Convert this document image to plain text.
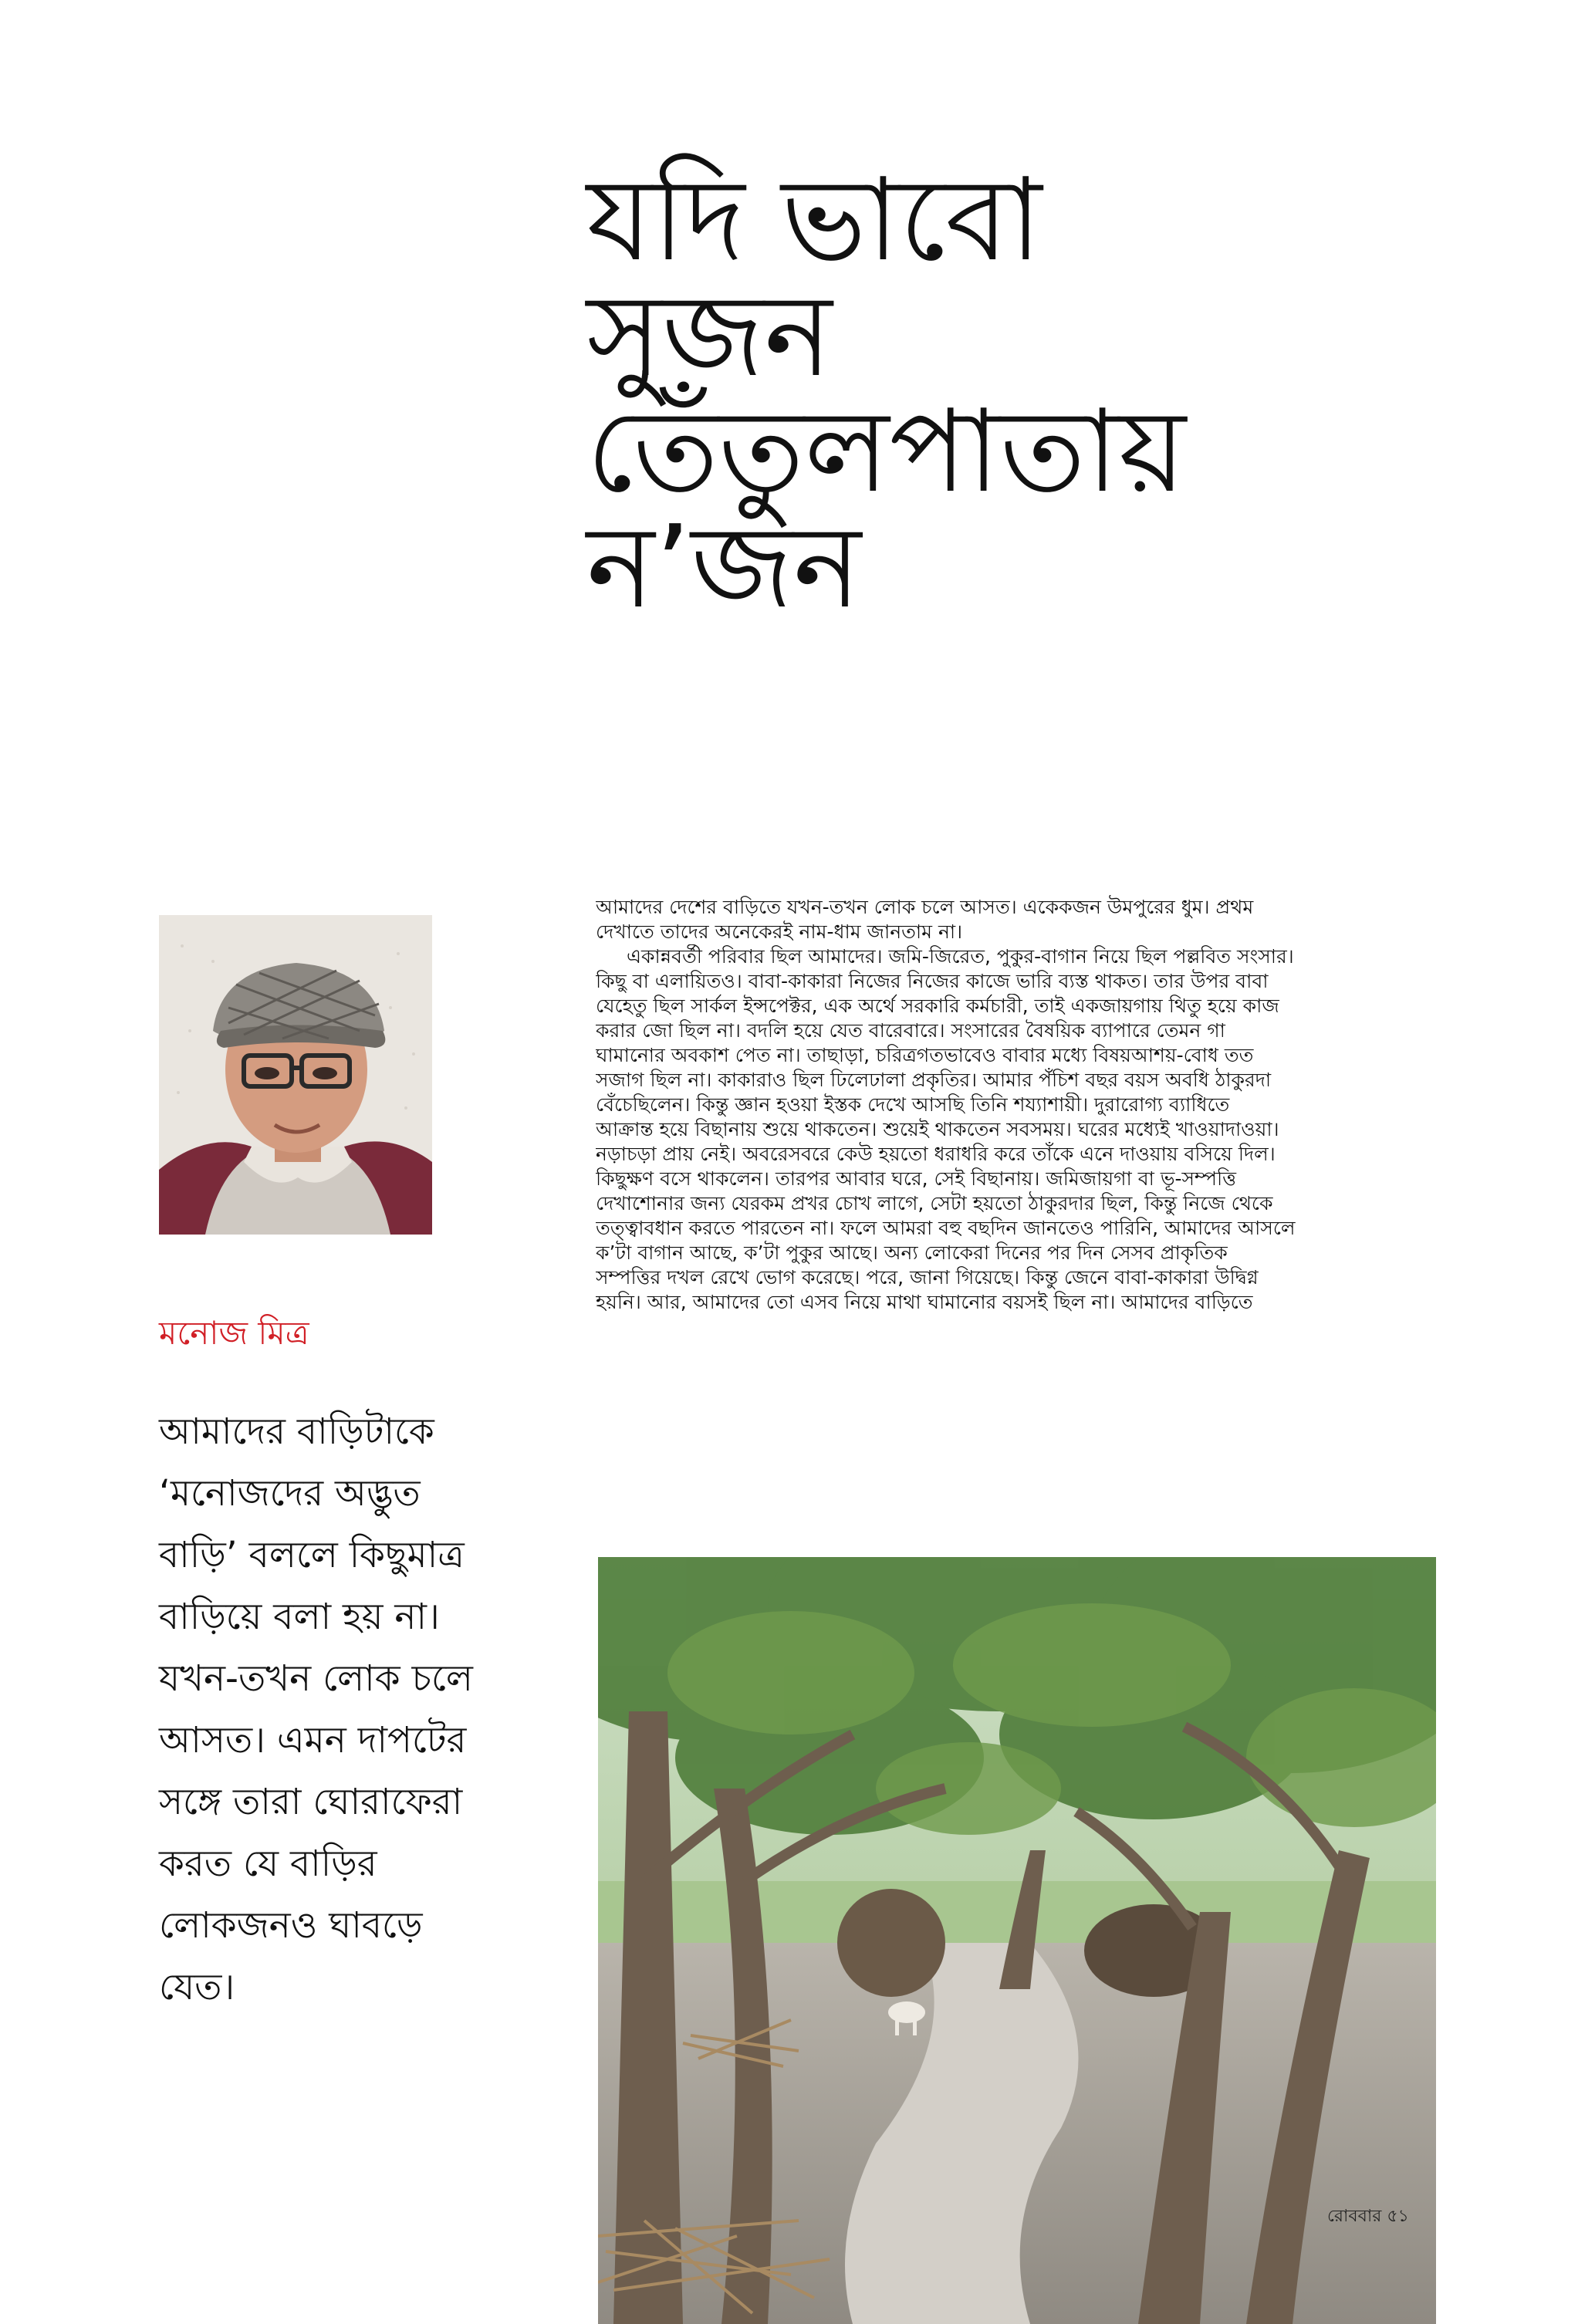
যদি ভাবো
সুজন
তেঁতুলপাতায়
ন’জন

মনোজ মিত্র

আমাদের বাড়িটাকে
‘মনোজদের অদ্ভুত
বাড়ি’ বললে কিছুমাত্র
বাড়িয়ে বলা হয় না।
যখন-তখন লোক চলে
আসত। এমন দাপটের
সঙ্গে তারা ঘোরাফেরা
করত যে বাড়ির
লোকজনও ঘাবড়ে
যেত।
আমাদের দেশের বাড়িতে যখন-তখন লোক চলে আসত। একেকজন উমপুরের ধুম। প্রথম
দেখাতে তাদের অনেকেরই নাম-ধাম জানতাম না।
একান্নবর্তী পরিবার ছিল আমাদের। জমি-জিরেত, পুকুর-বাগান নিয়ে ছিল পল্লবিত সংসার।
কিছু বা এলায়িতও। বাবা-কাকারা নিজের নিজের কাজে ভারি ব্যস্ত থাকত। তার উপর বাবা
যেহেতু ছিল সার্কল ইন্সপেক্টর, এক অর্থে সরকারি কর্মচারী, তাই একজায়গায় থিতু হয়ে কাজ
করার জো ছিল না। বদলি হয়ে যেত বারেবারে। সংসারের বৈষয়িক ব্যাপারে তেমন গা
ঘামানোর অবকাশ পেত না। তাছাড়া, চরিত্রগতভাবেও বাবার মধ্যে বিষয়আশয়-বোধ তত
সজাগ ছিল না। কাকারাও ছিল ঢিলেঢালা প্রকৃতির। আমার পঁচিশ বছর বয়স অবধি ঠাকুরদা
বেঁচেছিলেন। কিন্তু জ্ঞান হওয়া ইস্তক দেখে আসছি তিনি শয্যাশায়ী। দুরারোগ্য ব্যাধিতে
আক্রান্ত হয়ে বিছানায় শুয়ে থাকতেন। শুয়েই থাকতেন সবসময়। ঘরের মধ্যেই খাওয়াদাওয়া।
নড়াচড়া প্রায় নেই। অবরেসবরে কেউ হয়তো ধরাধরি করে তাঁকে এনে দাওয়ায় বসিয়ে দিল।
কিছুক্ষণ বসে থাকলেন। তারপর আবার ঘরে, সেই বিছানায়। জমিজায়গা বা ভূ-সম্পত্তি
দেখাশোনার জন্য যেরকম প্রখর চোখ লাগে, সেটা হয়তো ঠাকুরদার ছিল, কিন্তু নিজে থেকে
তত্ত্বাবধান করতে পারতেন না। ফলে আমরা বহু বছদিন জানতেও পারিনি, আমাদের আসলে
ক’টা বাগান আছে, ক’টা পুকুর আছে। অন্য লোকেরা দিনের পর দিন সেসব প্রাকৃতিক
সম্পত্তির দখল রেখে ভোগ করেছে। পরে, জানা গিয়েছে। কিন্তু জেনে বাবা-কাকারা উদ্বিগ্ন
হয়নি। আর, আমাদের তো এসব নিয়ে মাথা ঘামানোর বয়সই ছিল না। আমাদের বাড়িতে

রোববার ৫১
